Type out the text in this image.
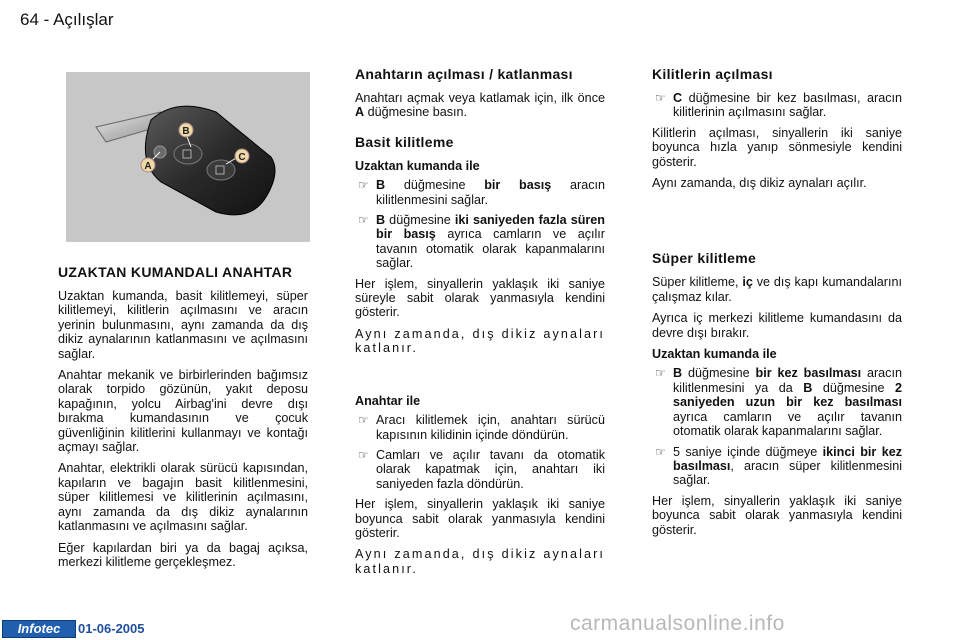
64 - Açılışlar
B
C
A
UZAKTAN KUMANDALI ANAHTAR

Uzaktan kumanda, basit kilitlemeyi, süper kilitlemeyi, kilitlerin açılmasını ve aracın yerinin bulunmasını, aynı zamanda da dış dikiz aynalarının katlanmasını ve açılmasını sağlar.

Anahtar mekanik ve birbirlerinden bağımsız olarak torpido gözünün, yakıt deposu kapağının, yolcu Airbag'ini devre dışı bırakma kumandasının ve çocuk güvenliğinin kilitlerini kullanmayı ve kontağı açmayı sağlar.

Anahtar, elektrikli olarak sürücü kapısından, kapıların ve bagajın basit kilitlenmesini, süper kilitlemesi ve kilitlerinin açılmasını, aynı zamanda da dış dikiz aynalarının katlanmasını ve açılmasını sağlar.

Eğer kapılardan biri ya da bagaj açıksa, merkezi kilitleme gerçekleşmez.

Anahtarın açılması / katlanması

Anahtarı açmak veya katlamak için, ilk önce A düğmesine basın.

Basit kilitleme
Uzaktan kumanda ile
☞ B düğmesine bir basış aracın kilitlenmesini sağlar.
☞ B düğmesine iki saniyeden fazla süren bir basış ayrıca camların ve açılır tavanın otomatik olarak kapanmalarını sağlar.

Her işlem, sinyallerin yaklaşık iki saniye süreyle sabit olarak yanmasıyla kendini gösterir.

Aynı zamanda, dış dikiz aynaları katlanır.

Anahtar ile
☞ Aracı kilitlemek için, anahtarı sürücü kapısının kilidinin içinde döndürün.
☞ Camları ve açılır tavanı da otomatik olarak kapatmak için, anahtarı iki saniyeden fazla döndürün.

Her işlem, sinyallerin yaklaşık iki saniye boyunca sabit olarak yanmasıyla kendini gösterir.

Aynı zamanda, dış dikiz aynaları katlanır.

Kilitlerin açılması
☞ C düğmesine bir kez basılması, aracın kilitlerinin açılmasını sağlar.

Kilitlerin açılması, sinyallerin iki saniye boyunca hızla yanıp sönmesiyle kendini gösterir.

Aynı zamanda, dış dikiz aynaları açılır.

Süper kilitleme

Süper kilitleme, iç ve dış kapı kumandalarını çalışmaz kılar.

Ayrıca iç merkezi kilitleme kumandasını da devre dışı bırakır.

Uzaktan kumanda ile
☞ B düğmesine bir kez basılması aracın kilitlenmesini ya da B düğmesine 2 saniyeden uzun bir kez basılması ayrıca camların ve açılır tavanın otomatik olarak kapanmalarını sağlar.
☞ 5 saniye içinde düğmeye ikinci bir kez basılması, aracın süper kilitlenmesini sağlar.

Her işlem, sinyallerin yaklaşık iki saniye boyunca sabit olarak yanmasıyla kendini gösterir.

Infotec	01-06-2005	carmanualsonline.info
